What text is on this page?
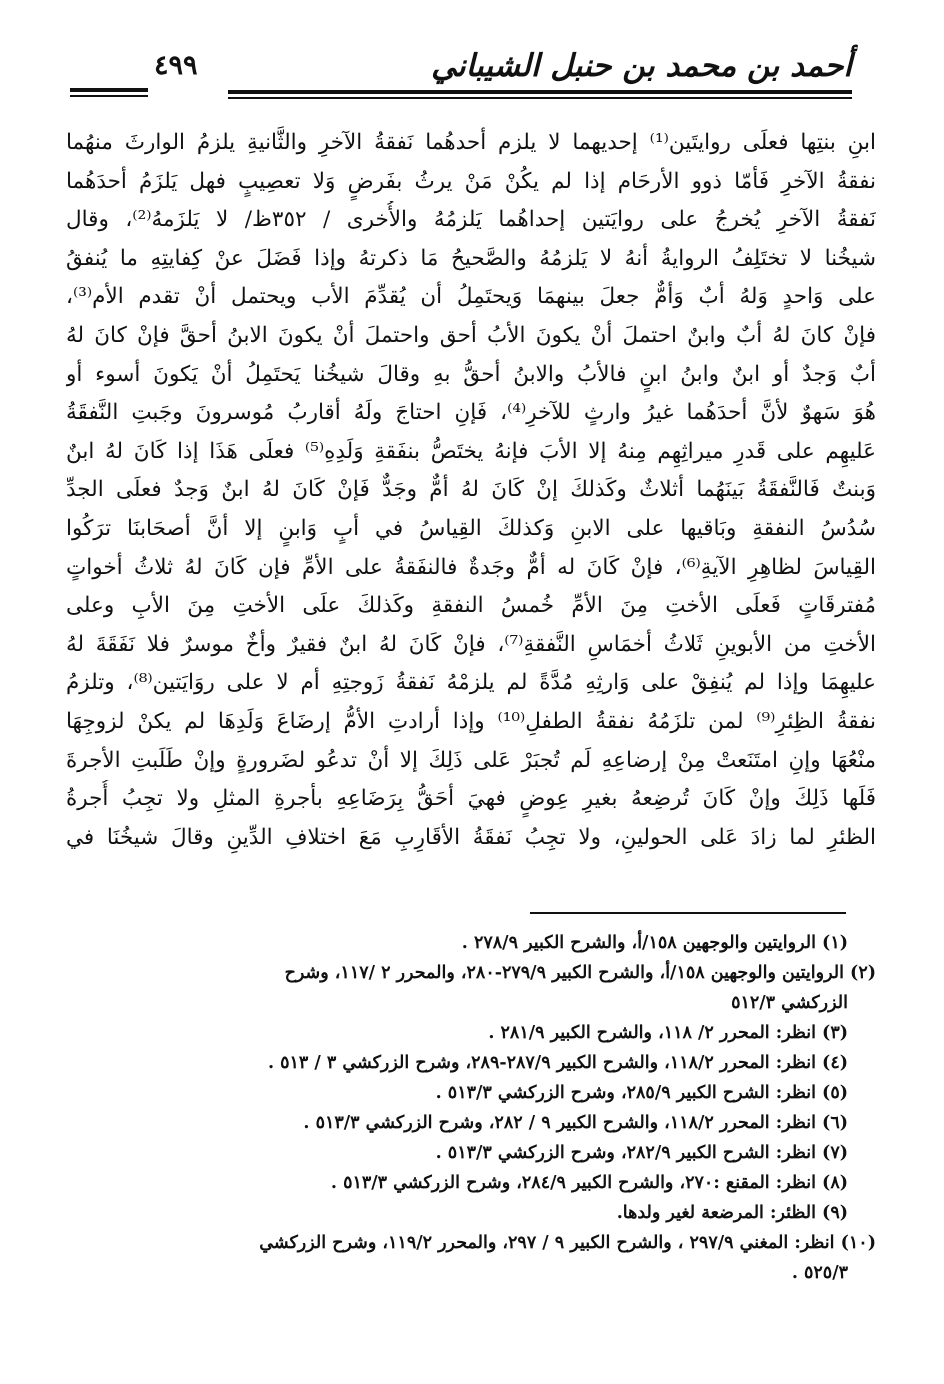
أحمد بن محمد بن حنبل الشيباني
٤٩٩
ابنِ بنتِها فعلَى روايتَين⁽¹⁾ إحديهما لا يلزم أحدهُما نَفقةُ الآخرِ والثَّانيةِ يلزمُ الوارثَ منهُما
نفقةُ الآخرِ فَأمّا ذوو الأرحَام إذا لم يكُنْ مَنْ يرثُ بفَرضٍ وَلا تعصِيبٍ فهل يَلزَمُ أحدَهُما
نَفقةُ الآخرِ يُخرجُ على روايَتين إحداهُما يَلزمُهُ والأُخرى / ٣٥٢ظ/ لا يَلزَمهُ⁽²⁾، وقال
شيخُنا لا تختَلِفُ الروايةُ أنهُ لا يَلزمُهُ والصَّحيحُ مَا ذكرتهُ وإذا فَضَلَ عنْ كِفايتِهِ ما يُنفقُ
على وَاحدٍ وَلهُ أبٌ وَأمٌّ جعلَ بينهمَا وَيحتَمِلُ أن يُقدِّمَ الأب ويحتمل أنْ تقدم الأم⁽³⁾،
فإنْ كانَ لهُ أبٌ وابنٌ احتملَ أنْ يكونَ الأبُ أحق واحتملَ أنْ يكونَ الابنُ أحقَّ فإنْ كانَ لهُ
أبٌ وَجدٌ أو ابنٌ وابنُ ابنٍ فالأبُ والابنُ أحقُّ بهِ وقالَ شيخُنا يَحتَمِلُ أنْ يَكونَ أسوء أو
هُوَ سَهوٌ لأنَّ أحدَهُما غيرُ وارثٍ للآخرِ⁽⁴⁾، فَإنِ احتاجَ ولَهُ أقاربُ مُوسرونَ وجَبتِ النَّفقَةُ
عَليهِم على قَدرِ ميراثِهِم مِنهُ إلا الأبَ فإنهُ يختَصُّ بنفَقةِ وَلَدِهِ⁽⁵⁾ فعلَى هَذَا إذا كَانَ لهُ ابنٌ
وَبنتٌ فَالنَّفقَةُ بَينَهُما أثلاثٌ وكَذلكَ إنْ كَانَ لهُ أمٌّ وجَدٌّ فَإنْ كَانَ لهُ ابنٌ وَجدٌ فعلَى الجدِّ
سُدُسُ النفقةِ وبَاقيها على الابنِ وَكذلكَ القِياسُ في أبٍ وَابنٍ إلا أنَّ أصحَابنَا ترَكُوا
القِياسَ لظاهِرِ الآيةِ⁽⁶⁾، فإنْ كَانَ له أمٌّ وجَدةٌ فالنفَقةُ على الأمِّ فإن كَانَ لهُ ثلاثُ أخواتٍ
مُفترقَاتٍ فَعلَى الأختِ مِنَ الأمِّ خُمسُ النفقةِ وكَذلكَ علَى الأختِ مِنَ الأبِ وعلى
الأختِ من الأبوينِ ثَلاثُ أخمَاسِ النَّفقةِ⁽⁷⁾، فإنْ كَانَ لهُ ابنٌ فقيرٌ وأخٌ موسرٌ فلا نَفَقَةَ لهُ
عليهِمَا وإذا لم يُنفِقْ على وَارثِهِ مُدَّةً لم يلزمْهُ نَفقةُ زَوجتِهِ أم لا على روَايَتين⁽⁸⁾، وتلزمُ
نفقةُ الظِئرِ⁽⁹⁾ لمن تلزَمُهُ نفقةُ الطفلِ⁽¹⁰⁾ وإذا أرادتِ الأمُّ إرضَاعَ وَلَدِهَا لم يكنْ لزوجِهَا
منْعُهَا وإنِ امتَنَعتْ مِنْ إرضاعِهِ لَم تُجبَرْ عَلى ذَلِكَ إلا أنْ تدعُو لضَرورةٍ وإنْ طَلَبتِ الأجرةَ
فَلَها ذَلِكَ وإنْ كَانَ تُرضِعهُ بغيرِ عِوضٍ فهيَ أحَقُّ بِرَضَاعِهِ بأجرةِ المثلِ ولا تجِبُ أُجرةُ
الظئرِ لما زادَ عَلى الحولينِ، ولا تجِبُ نَفقَةُ الأقَارِبِ مَعَ اختلافِ الدِّينِ وقالَ شيخُنَا في
(١) الروايتين والوجهين ١٥٨/أ، والشرح الكبير ٢٧٨/٩ .
(٢) الروايتين والوجهين ١٥٨/أ، والشرح الكبير ٢٧٩/٩-٢٨٠، والمحرر ٢ /١١٧، وشرح
الزركشي ٥١٢/٣
(٣) انظر: المحرر ٢/ ١١٨، والشرح الكبير ٢٨١/٩ .
(٤) انظر: المحرر ١١٨/٢، والشرح الكبير ٢٨٧/٩-٢٨٩، وشرح الزركشي ٣ / ٥١٣ .
(٥) انظر: الشرح الكبير ٢٨٥/٩، وشرح الزركشي ٥١٣/٣ .
(٦) انظر: المحرر ١١٨/٢، والشرح الكبير ٩ / ٢٨٢، وشرح الزركشي ٥١٣/٣ .
(٧) انظر: الشرح الكبير ٢٨٢/٩، وشرح الزركشي ٥١٣/٣ .
(٨) انظر: المقنع :٢٧٠، والشرح الكبير ٢٨٤/٩، وشرح الزركشي ٥١٣/٣ .
(٩) الظئر: المرضعة لغير ولدها.
(١٠) انظر: المغني ٢٩٧/٩ ، والشرح الكبير ٩ / ٢٩٧، والمحرر ١١٩/٢، وشرح الزركشي
٥٢٥/٣ .
